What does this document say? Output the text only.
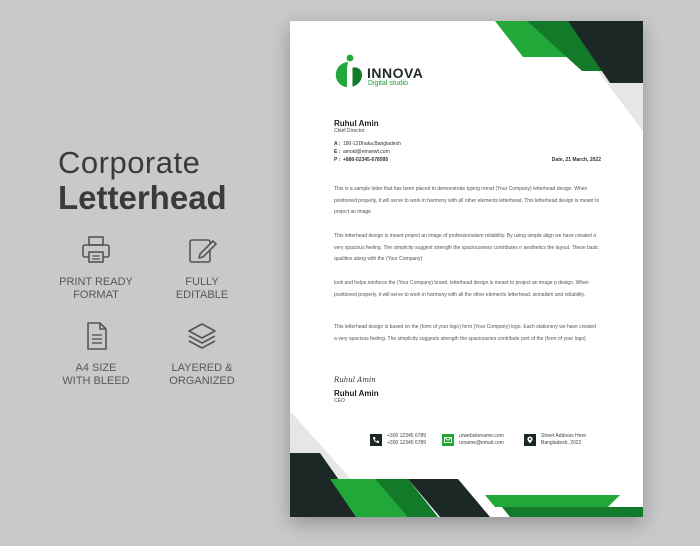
Corporate
Letterhead
PRINT READY
FORMAT
FULLY
EDITABLE
A4 SIZE
WITH BLEED
LAYERED &
ORGANIZED
INNOVA
Digital studio
Ruhul Amin
Chief Director
A : 180-12Dhaka,Bangladesh
E : amoid@emsewt.com
P : +880-02345-678995	Date, 21 March, 2022
This is a sample letter that has been placed to demonstrate typing remat (Your Company) letterhead design. When positioned properly, it will serve to work in harmony with all other elements letterhead. This letterhead design is meant to project an image
This letterhead design is meant project an image of professionalism reliability. By using simple align we have created a very spacious feeling. The simplicity suggest strength the spaciousness contributes n aesthetics the layout. These basic qualities along with the (Your Company)
look and helps reinforce the (Your Company) brand. letterhead design is meant to project an image p design. When positioned properly, it will serve to work in harmony with all the other elements letterhead. sionalism and reliability.
This letterhead design is based on the (form of your logo) form (Your Company) logo. Each stationery we have created a very spacious feeling. The simplicity suggests strength the spaciousnes contribute port of the (form of your logo)
Ruhul Amin
Ruhul Amin
CEO
+300 12345 6789
+300 12345 6789
urwebsitename.com
urname@email.com
Street Address Here
Bangladesh, 2022
